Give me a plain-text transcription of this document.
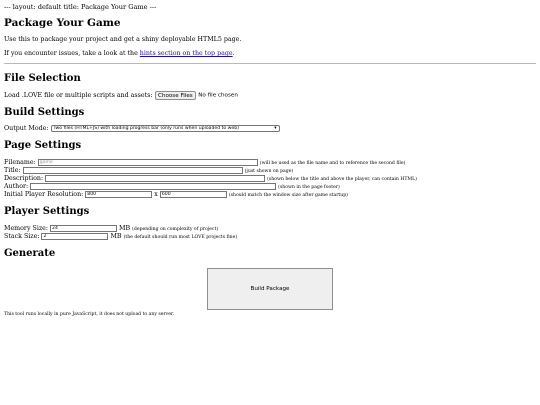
--- layout: default title: Package Your Game ---
Package Your Game

Use this to package your project and get a shiny deployable HTML5 page.

If you encounter issues, take a look at the hints section on the top page.

File Selection
Load .LOVE file or multiple scripts and assets: Choose Files No file chosen
Build Settings
Output Mode: Two files (HTML+JS) with loading progress bar (only runs when uploaded to web)	▾
Page Settings
Filename: game	(will be used as the file name and to reference the second file)
Title:	(just shown on page)
Description:	(shown below the title and above the player, can contain HTML)
Author:	(shown in the page footer)
Initial Player Resolution: 800	x 600	(should match the window size after game startup)
Player Settings
Memory Size: 24	MB (depending on complexity of project)
Stack Size: 2	MB (the default should run most LOVE projects fine)
Generate
Build Package
This tool runs locally in pure JavaScript, it does not upload to any server.
